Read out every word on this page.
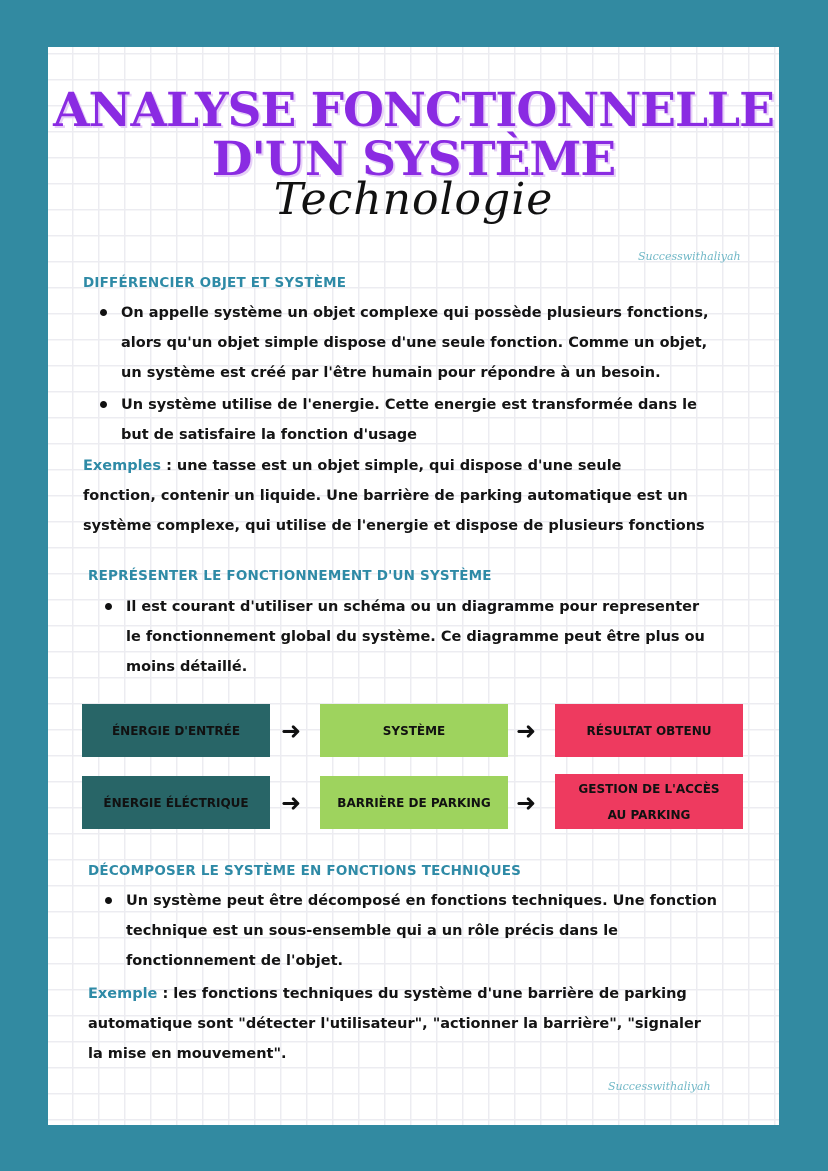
ANALYSE FONCTIONNELLE
D'UN SYSTÈME
Technologie
Successwithaliyah
DIFFÉRENCIER OBJET ET SYSTÈME
On appelle système un objet complexe qui possède plusieurs fonctions,
alors qu'un objet simple dispose d'une seule fonction. Comme un objet,
un système est créé par l'être humain pour répondre à un besoin.
Un système utilise de l'energie. Cette energie est transformée dans le
but de satisfaire la fonction d'usage
Exemples : une tasse est un objet simple, qui dispose d'une seule
fonction, contenir un liquide. Une barrière de parking automatique est un
système complexe, qui utilise de l'energie et dispose de plusieurs fonctions
REPRÉSENTER LE FONCTIONNEMENT D'UN SYSTÈME
Il est courant d'utiliser un schéma ou un diagramme pour representer
le fonctionnement global du système. Ce diagramme peut être plus ou
moins détaillé.
ÉNERGIE D'ENTRÉE ➜	SYSTÈME	➜	RÉSULTAT OBTENU
ÉNERGIE ÉLÉCTRIQUE ➜	BARRIÈRE DE PARKING ➜
GESTION DE L'ACCÈS
AU PARKING
DÉCOMPOSER LE SYSTÈME EN FONCTIONS TECHNIQUES
Un système peut être décomposé en fonctions techniques. Une fonction
technique est un sous-ensemble qui a un rôle précis dans le
fonctionnement de l'objet.
Exemple : les fonctions techniques du système d'une barrière de parking
automatique sont "détecter l'utilisateur", "actionner la barrière", "signaler
la mise en mouvement".
Successwithaliyah
